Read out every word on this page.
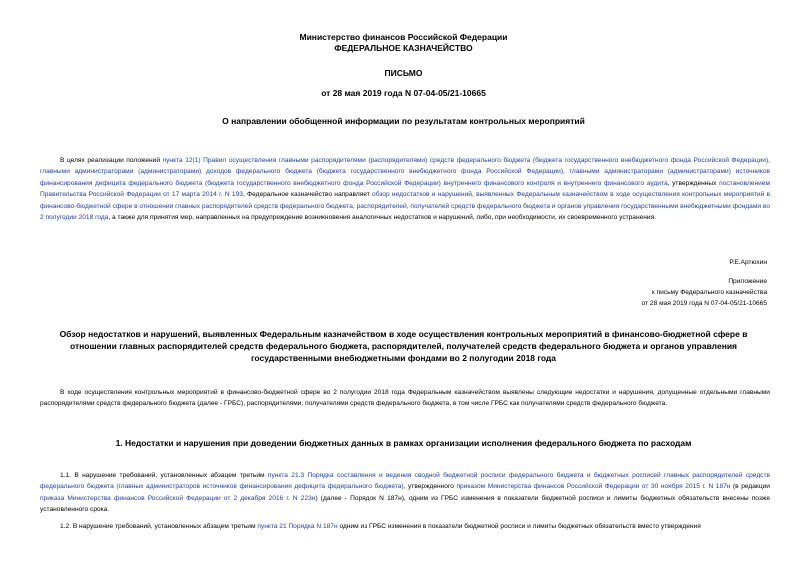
Министерство финансов Российской Федерации
ФЕДЕРАЛЬНОЕ КАЗНАЧЕЙСТВО
ПИСЬМО
от 28 мая 2019 года N 07-04-05/21-10665
О направлении обобщенной информации по результатам контрольных мероприятий
В целях реализации положений пункта 12(1) Правил осуществления главными распорядителями (распорядителями) средств федерального бюджета (бюджета государственного внебюджетного фонда Российской Федерации), главными администраторами (администраторами) доходов федерального бюджета (бюджета государственного внебюджетного фонда Российской Федерации), главными администраторами (администраторами) источников финансирования дефицита федерального бюджета (бюджета государственного внебюджетного фонда Российской Федерации) внутреннего финансового контроля и внутреннего финансового аудита, утвержденных постановлением Правительства Российской Федерации от 17 марта 2014 г. N 193, Федеральное казначейство направляет обзор недостатков и нарушений, выявленных Федеральным казначейством в ходе осуществления контрольных мероприятий в финансово-бюджетной сфере в отношении главных распорядителей средств федерального бюджета, распорядителей, получателей средств федерального бюджета и органов управления государственными внебюджетными фондами во 2 полугодии 2018 года, а также для принятия мер, направленных на предупреждение возникновения аналогичных недостатков и нарушений, либо, при необходимости, их своевременного устранения.
Р.Е.Артюхин
Приложение
к письму Федерального казначейства
от 28 мая 2019 года N 07-04-05/21-10665
Обзор недостатков и нарушений, выявленных Федеральным казначейством в ходе осуществления контрольных мероприятий в финансово-бюджетной сфере в отношении главных распорядителей средств федерального бюджета, распорядителей, получателей средств федерального бюджета и органов управления государственными внебюджетными фондами во 2 полугодии 2018 года
В ходе осуществления контрольных мероприятий в финансово-бюджетной сфере во 2 полугодии 2018 года Федеральным казначейством выявлены следующие недостатки и нарушения, допущенные отдельными главными распорядителями средств федерального бюджета (далее - ГРБС), распорядителями, получателями средств федерального бюджета, в том числе ГРБС как получателями средств федерального бюджета.
1. Недостатки и нарушения при доведении бюджетных данных в рамках организации исполнения федерального бюджета по расходам
1.1. В нарушение требований, установленных абзацем третьим пункта 21.3 Порядка составления и ведения сводной бюджетной росписи федерального бюджета и бюджетных росписей главных распорядителей средств федерального бюджета (главных администраторов источников финансирования дефицита федерального бюджета), утвержденного приказом Министерства финансов Российской Федерации от 30 ноября 2015 г. N 187н (в редакции приказа Министерства финансов Российской Федерации от 2 декабря 2016 г. N 223н) (далее - Порядок N 187н), одним из ГРБС изменения в показатели бюджетной росписи и лимиты бюджетных обязательств внесены позже установленного срока.
1.2. В нарушение требований, установленных абзацем третьим пункта 21 Порядка N 187н одним из ГРБС изменения в показатели бюджетной росписи и лимиты бюджетных обязательств вместо утверждения
